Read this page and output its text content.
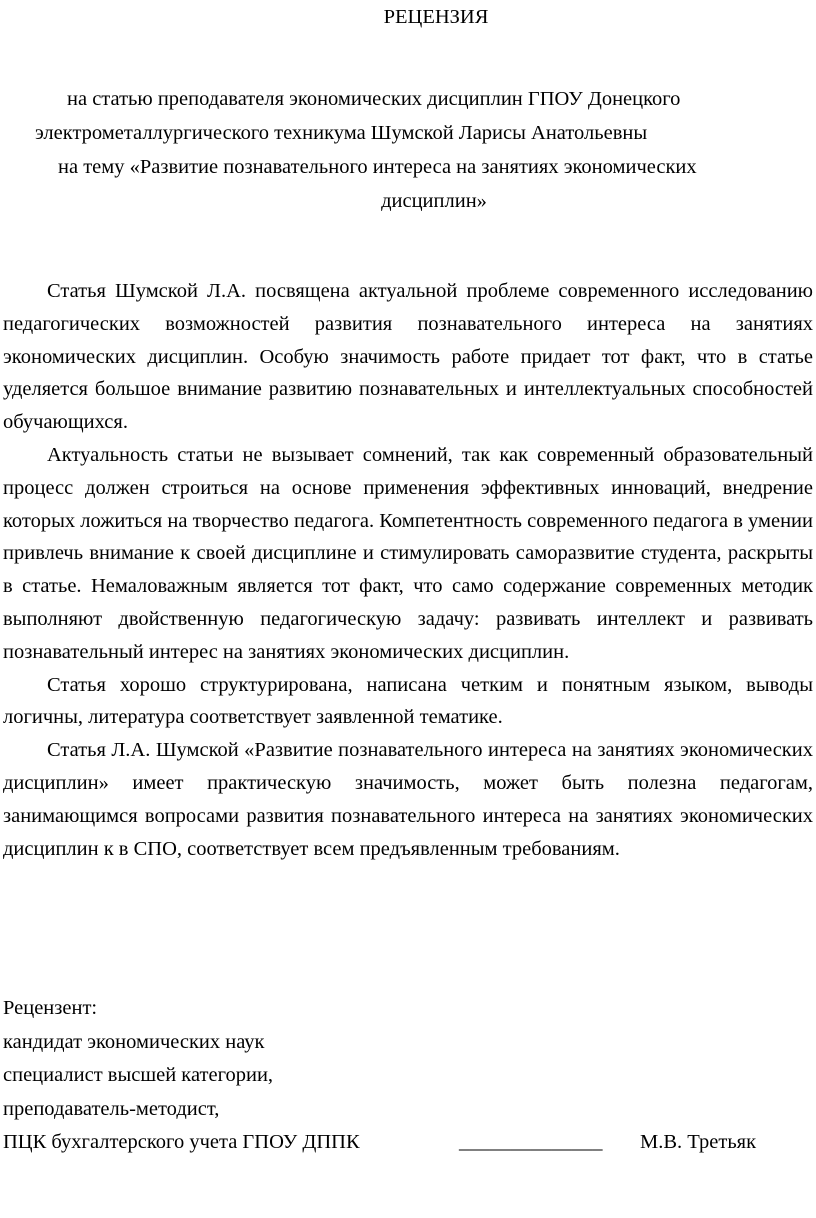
РЕЦЕНЗИЯ
на статью преподавателя экономических дисциплин ГПОУ Донецкого
электрометаллургического техникума Шумской Ларисы Анатольевны
на тему «Развитие познавательного интереса на занятиях экономических
дисциплин»

Статья Шумской Л.А. посвящена актуальной проблеме современного исследованию педагогических возможностей развития познавательного интереса на занятиях экономических дисциплин. Особую значимость работе придает тот факт, что в статье уделяется большое внимание развитию познавательных и интеллектуальных способностей обучающихся.

Актуальность статьи не вызывает сомнений, так как современный образовательный процесс должен строиться на основе применения эффективных инноваций, внедрение которых ложиться на творчество педагога. Компетентность современного педагога в умении привлечь внимание к своей дисциплине и стимулировать саморазвитие студента, раскрыты в статье. Немаловажным является тот факт, что само содержание современных методик выполняют двойственную педагогическую задачу: развивать интеллект и развивать познавательный интерес на занятиях экономических дисциплин.

Статья хорошо структурирована, написана четким и понятным языком, выводы логичны, литература соответствует заявленной тематике.

Статья Л.А. Шумской «Развитие познавательного интереса на занятиях экономических дисциплин» имеет практическую значимость, может быть полезна педагогам, занимающимся вопросами развития познавательного интереса на занятиях экономических дисциплин к в СПО, соответствует всем предъявленным требованиям.

Рецензент:
кандидат экономических наук
специалист высшей категории,
преподаватель-методист,
ПЦК бухгалтерского учета ГПОУ ДППК	______________ М.В. Третьяк
